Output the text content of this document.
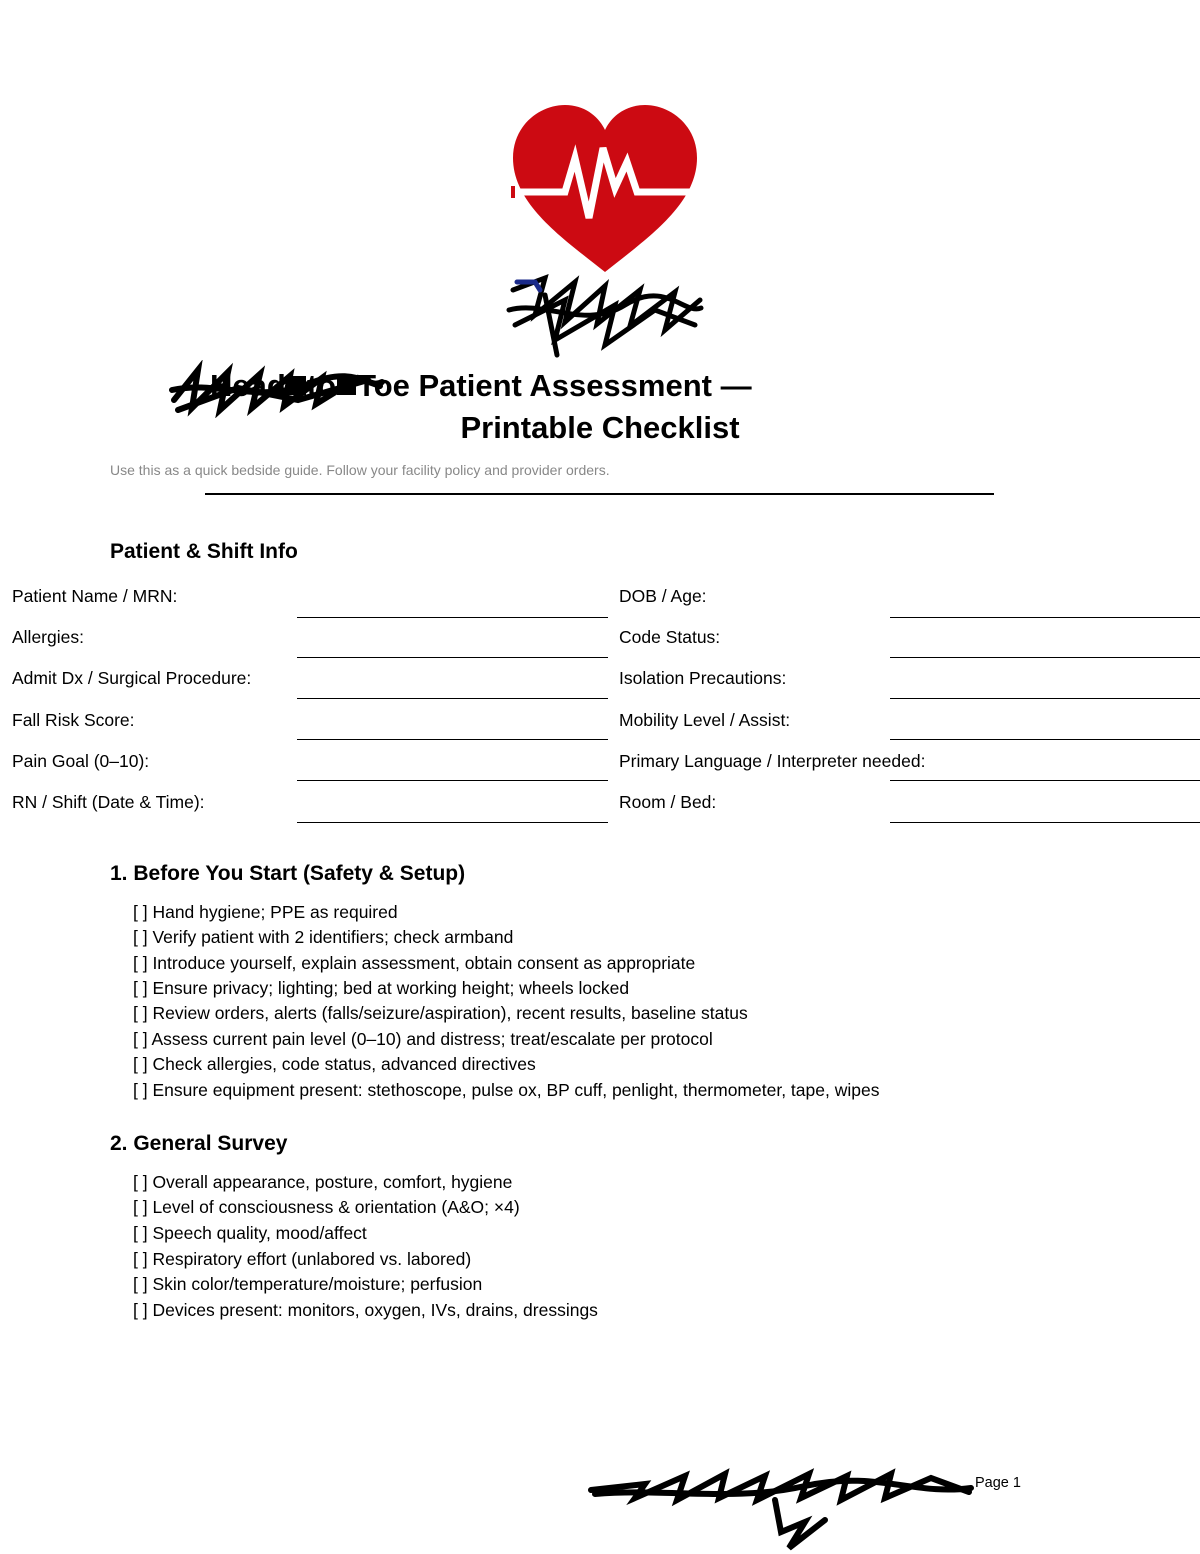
Head to Toe Patient Assessment —
Printable Checklist
Use this as a quick bedside guide. Follow your facility policy and provider orders.
Patient & Shift Info
Patient Name / MRN:	DOB / Age:
Allergies:	Code Status:
Admit Dx / Surgical Procedure:	Isolation Precautions:
Fall Risk Score:	Mobility Level / Assist:
Pain Goal (0–10):	Primary Language / Interpreter needed:
RN / Shift (Date & Time):	Room / Bed:
1. Before You Start (Safety & Setup)
[ ] Hand hygiene; PPE as required
[ ] Verify patient with 2 identifiers; check armband
[ ] Introduce yourself, explain assessment, obtain consent as appropriate
[ ] Ensure privacy; lighting; bed at working height; wheels locked
[ ] Review orders, alerts (falls/seizure/aspiration), recent results, baseline status
[ ] Assess current pain level (0–10) and distress; treat/escalate per protocol
[ ] Check allergies, code status, advanced directives
[ ] Ensure equipment present: stethoscope, pulse ox, BP cuff, penlight, thermometer, tape, wipes
2. General Survey
[ ] Overall appearance, posture, comfort, hygiene
[ ] Level of consciousness & orientation (A&O; ×4)
[ ] Speech quality, mood/affect
[ ] Respiratory effort (unlabored vs. labored)
[ ] Skin color/temperature/moisture; perfusion
[ ] Devices present: monitors, oxygen, IVs, drains, dressings
Page 1
